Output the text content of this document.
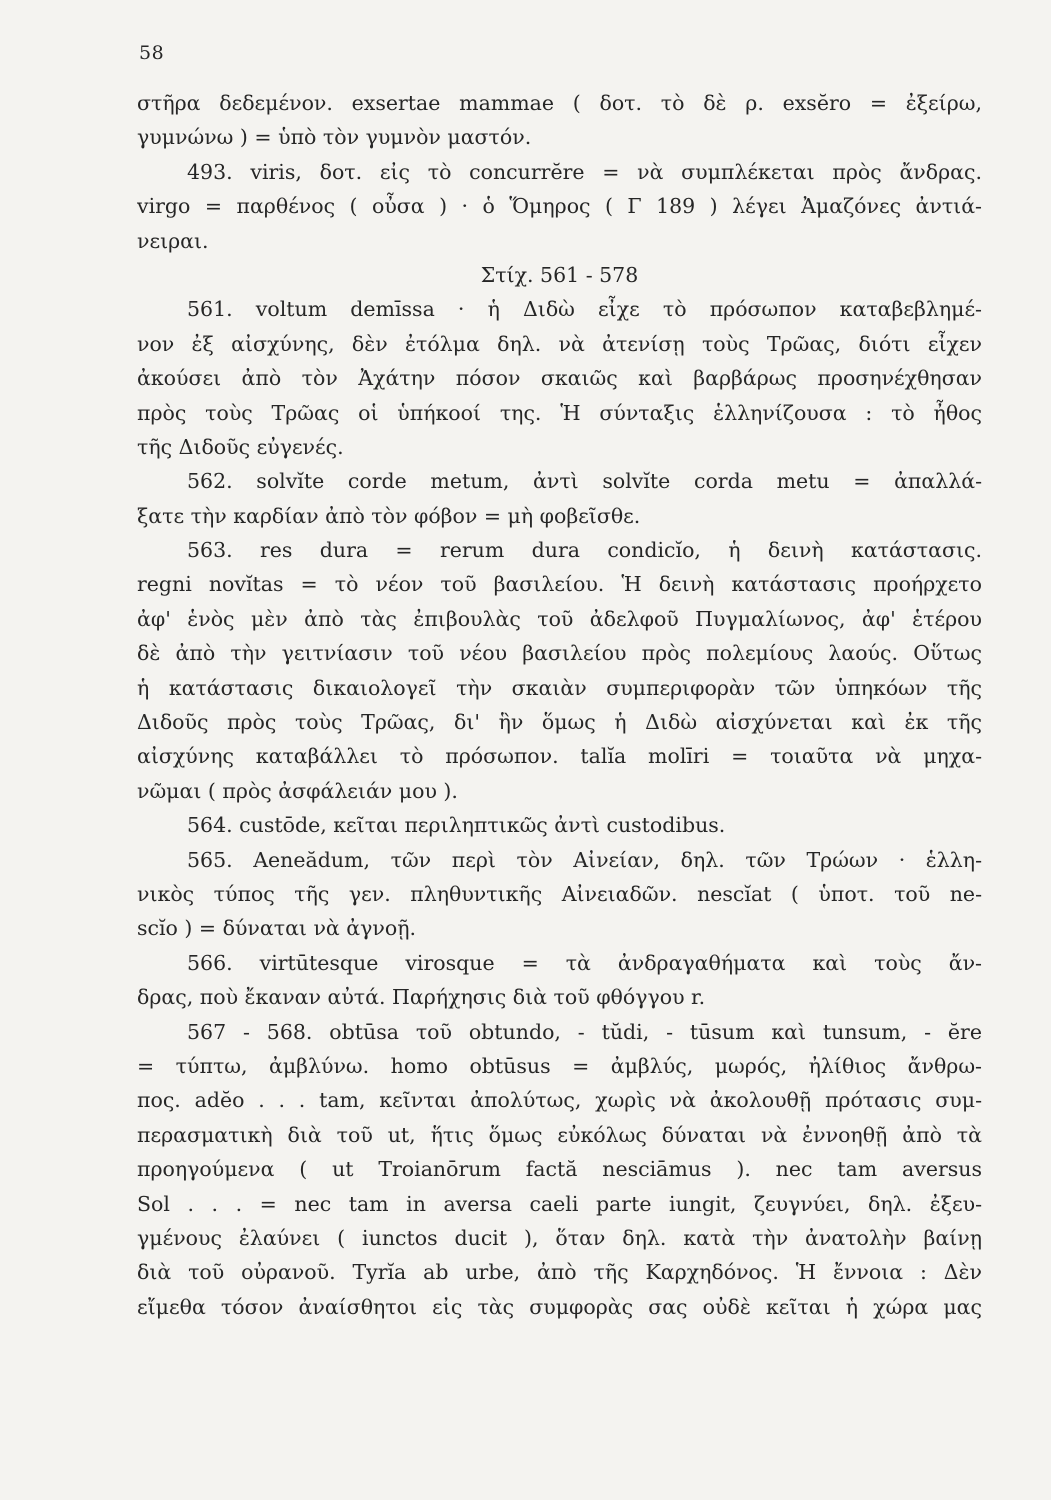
58
στῆρα δεδεμένον. exsertae mammae ( δοτ. τὸ δὲ ρ. exsĕro = ἐξείρω,
γυμνώνω ) = ὑπὸ τὸν γυμνὸν μαστόν.
493. viris, δοτ. εἰς τὸ concurrĕre = νὰ συμπλέκεται πρὸς ἄνδρας.
virgo = παρθένος ( οὖσα ) · ὁ Ὅμηρος ( Γ 189 ) λέγει Ἀμαζόνες ἀντιά-
νειραι.
Στίχ. 561 - 578
561. voltum demīssa · ἡ Διδὼ εἶχε τὸ πρόσωπον καταβεβλημέ-
νον ἐξ αἰσχύνης, δὲν ἐτόλμα δηλ. νὰ ἀτενίσῃ τοὺς Τρῶας, διότι εἶχεν
ἀκούσει ἀπὸ τὸν Ἀχάτην πόσον σκαιῶς καὶ βαρβάρως προσηνέχθησαν
πρὸς τοὺς Τρῶας οἱ ὑπήκοοί της. Ἡ σύνταξις ἑλληνίζουσα : τὸ ἦθος
τῆς Διδοῦς εὐγενές.
562. solvĭte corde metum, ἀντὶ solvĭte corda metu = ἀπαλλά-
ξατε τὴν καρδίαν ἀπὸ τὸν φόβον = μὴ φοβεῖσθε.
563. res dura = rerum dura condicĭo, ἡ δεινὴ κατάστασις.
regni novĭtas = τὸ νέον τοῦ βασιλείου. Ἡ δεινὴ κατάστασις προήρχετο
ἀφ' ἑνὸς μὲν ἀπὸ τὰς ἐπιβουλὰς τοῦ ἀδελφοῦ Πυγμαλίωνος, ἀφ' ἑτέρου
δὲ ἀπὸ τὴν γειτνίασιν τοῦ νέου βασιλείου πρὸς πολεμίους λαούς. Οὕτως
ἡ κατάστασις δικαιολογεῖ τὴν σκαιὰν συμπεριφορὰν τῶν ὑπηκόων τῆς
Διδοῦς πρὸς τοὺς Τρῶας, δι' ἣν ὅμως ἡ Διδὼ αἰσχύνεται καὶ ἐκ τῆς
αἰσχύνης καταβάλλει τὸ πρόσωπον. talĭa molīri = τοιαῦτα νὰ μηχα-
νῶμαι ( πρὸς ἀσφάλειάν μου ).
564. custōde, κεῖται περιληπτικῶς ἀντὶ custodibus.
565. Aeneădum, τῶν περὶ τὸν Αἰνείαν, δηλ. τῶν Τρώων · ἑλλη-
νικὸς τύπος τῆς γεν. πληθυντικῆς Αἰνειαδῶν. nescĭat ( ὑποτ. τοῦ ne-
scĭo ) = δύναται νὰ ἀγνοῇ.
566. virtūtesque virosque = τὰ ἀνδραγαθήματα καὶ τοὺς ἄν-
δρας, ποὺ ἔκαναν αὐτά. Παρήχησις διὰ τοῦ φθόγγου r.
567 - 568. obtūsa τοῦ obtundo, - tŭdi, - tūsum καὶ tunsum, - ĕre
= τύπτω, ἀμβλύνω. homo obtūsus = ἀμβλύς, μωρός, ἠλίθιος ἄνθρω-
πος. adĕo . . . tam, κεῖνται ἀπολύτως, χωρὶς νὰ ἀκολουθῇ πρότασις συμ-
περασματικὴ διὰ τοῦ ut, ἥτις ὅμως εὐκόλως δύναται νὰ ἐννοηθῇ ἀπὸ τὰ
προηγούμενα ( ut Troianōrum factă nesciāmus ). nec tam aversus
Sol . . . = nec tam in aversa caeli parte iungit, ζευγνύει, δηλ. ἐξευ-
γμένους ἐλαύνει ( iunctos ducit ), ὅταν δηλ. κατὰ τὴν ἀνατολὴν βαίνῃ
διὰ τοῦ οὐρανοῦ. Tyrĭa ab urbe, ἀπὸ τῆς Καρχηδόνος. Ἡ ἔννοια : Δὲν
εἴμεθα τόσον ἀναίσθητοι εἰς τὰς συμφορὰς σας οὐδὲ κεῖται ἡ χώρα μας
